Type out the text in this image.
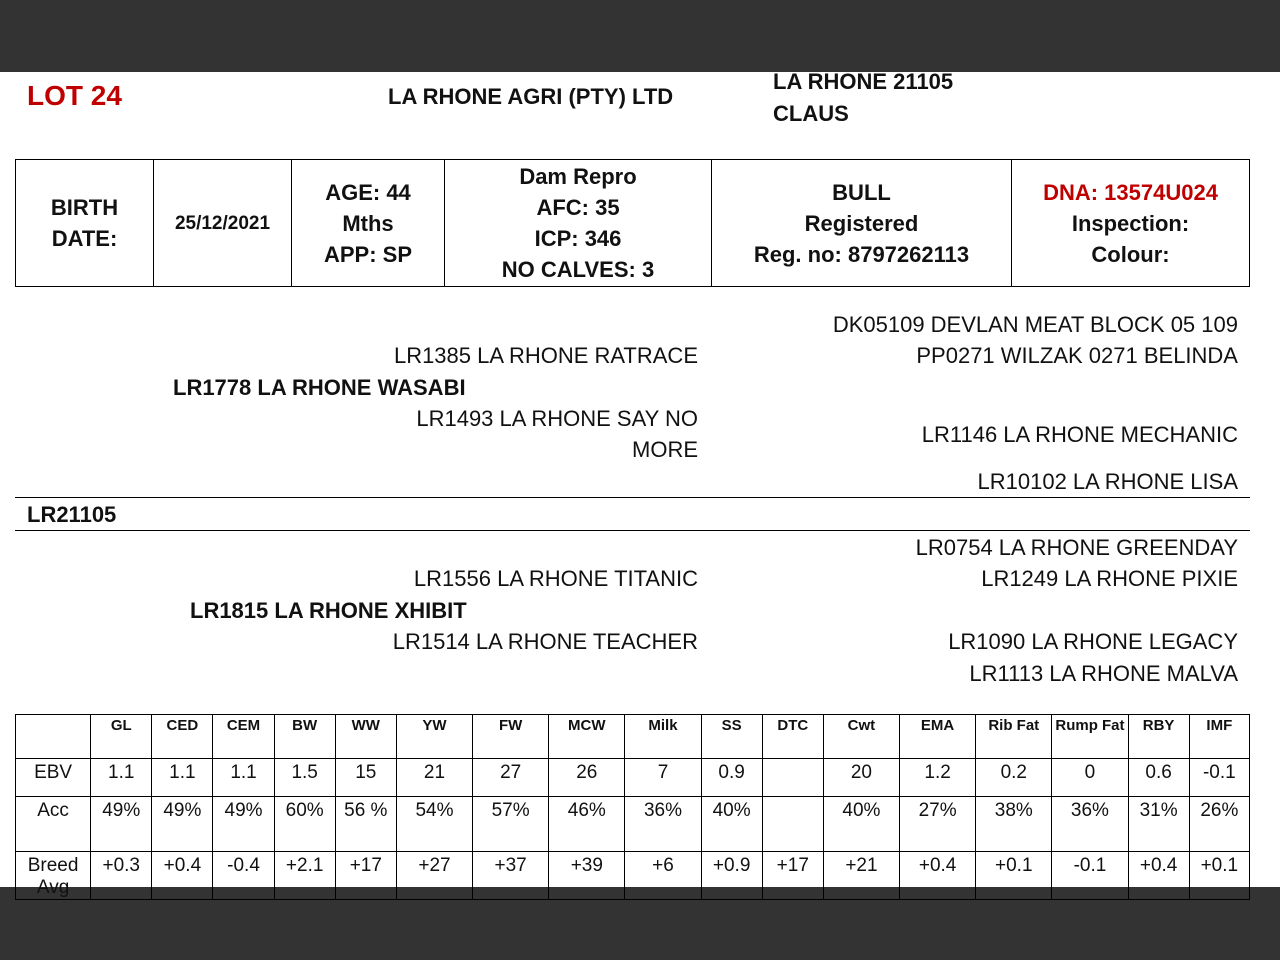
LOT 24	LA RHONE AGRI (PTY) LTD
LA RHONE 21105
CLAUS
BIRTH DATE:	25/12/2021	
AGE: 44
Mths
APP: SP

Dam Repro
AFC: 35
ICP: 346
NO CALVES: 3

BULL
Registered
Reg. no: 8797262113

DNA: 13574U024
Inspection:
Colour:
DK05109 DEVLAN MEAT BLOCK 05 109
PP0271 WILZAK 0271 BELINDA
LR1385 LA RHONE RATRACE
LR1778 LA RHONE WASABI
LR1493 LA RHONE SAY NO
MORE
LR1146 LA RHONE MECHANIC
LR10102 LA RHONE LISA
LR21105
LR0754 LA RHONE GREENDAY
LR1249 LA RHONE PIXIE
LR1556 LA RHONE TITANIC
LR1815 LA RHONE XHIBIT
LR1514 LA RHONE TEACHER	LR1090 LA RHONE LEGACY
LR1113 LA RHONE MALVA
	GL	CED	CEM	BW	WW	YW	FW	MCW	Milk	SS	DTC	Cwt	EMA	Rib Fat	Rump Fat	RBY	IMF
EBV	1.1	1.1	1.1	1.5	15	21	27	26	7	0.9		20	1.2	0.2	0	0.6	-0.1
Acc	49%	49%	49%	60%	56 %	54%	57%	46%	36%	40%		40%	27%	38%	36%	31%	26%
Breed Avg	+0.3	+0.4	-0.4	+2.1	+17	+27	+37	+39	+6	+0.9	+17	+21	+0.4	+0.1	-0.1	+0.4	+0.1
